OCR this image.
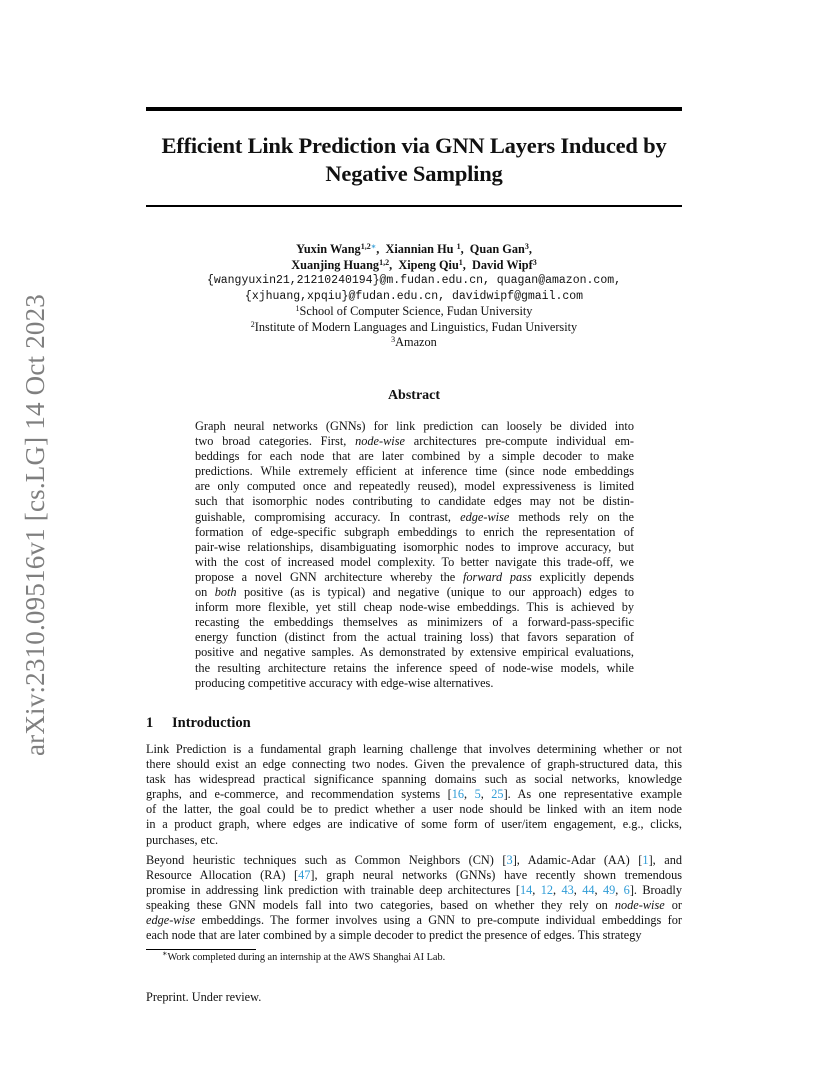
arXiv:2310.09516v1 [cs.LG] 14 Oct 2023
Efficient Link Prediction via GNN Layers Induced by
Negative Sampling
Yuxin Wang$^{1,2∗}$,  Xiannian Hu $^1$,  Quan Gan$^3$,
Xuanjing Huang$^{1,2}$,  Xipeng Qiu$^1$,  David Wipf$^3$
{wangyuxin21,21210240194}@m.fudan.edu.cn, quagan@amazon.com,
{xjhuang,xpqiu}@fudan.edu.cn, davidwipf@gmail.com
$^1$School of Computer Science, Fudan University
$^2$Institute of Modern Languages and Linguistics, Fudan University
$^3$Amazon
Abstract
Graph neural networks (GNNs) for link prediction can loosely be divided into
two broad categories. First, node-wise architectures pre-compute individual em-
beddings for each node that are later combined by a simple decoder to make
predictions. While extremely efficient at inference time (since node embeddings
are only computed once and repeatedly reused), model expressiveness is limited
such that isomorphic nodes contributing to candidate edges may not be distin-
guishable, compromising accuracy. In contrast, edge-wise methods rely on the
formation of edge-specific subgraph embeddings to enrich the representation of
pair-wise relationships, disambiguating isomorphic nodes to improve accuracy, but
with the cost of increased model complexity. To better navigate this trade-off, we
propose a novel GNN architecture whereby the forward pass explicitly depends
on both positive (as is typical) and negative (unique to our approach) edges to
inform more flexible, yet still cheap node-wise embeddings. This is achieved by
recasting the embeddings themselves as minimizers of a forward-pass-specific
energy function (distinct from the actual training loss) that favors separation of
positive and negative samples. As demonstrated by extensive empirical evaluations,
the resulting architecture retains the inference speed of node-wise models, while
producing competitive accuracy with edge-wise alternatives.
1 Introduction
Link Prediction is a fundamental graph learning challenge that involves determining whether or not
there should exist an edge connecting two nodes. Given the prevalence of graph-structured data, this
task has widespread practical significance spanning domains such as social networks, knowledge
graphs, and e-commerce, and recommendation systems [16, 5, 25]. As one representative example
of the latter, the goal could be to predict whether a user node should be linked with an item node
in a product graph, where edges are indicative of some form of user/item engagement, e.g., clicks,
purchases, etc.
Beyond heuristic techniques such as Common Neighbors (CN) [3], Adamic-Adar (AA) [1], and
Resource Allocation (RA) [47], graph neural networks (GNNs) have recently shown tremendous
promise in addressing link prediction with trainable deep architectures [14, 12, 43, 44, 49, 6]. Broadly
speaking these GNN models fall into two categories, based on whether they rely on node-wise or
edge-wise embeddings. The former involves using a GNN to pre-compute individual embeddings for
each node that are later combined by a simple decoder to predict the presence of edges. This strategy
∗Work completed during an internship at the AWS Shanghai AI Lab.
Preprint. Under review.
